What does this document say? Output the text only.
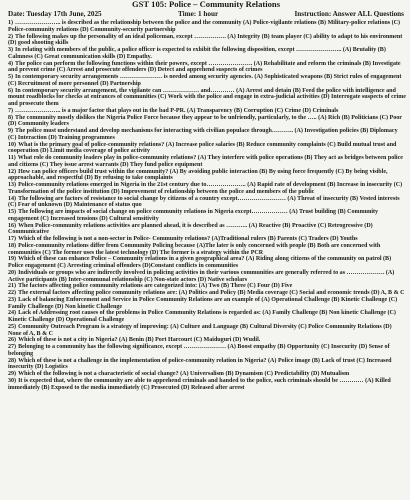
GST 105: Police – Community Relations
Date: Tuesday 17th June, 2025	Time: 1 hour	Instruction: Answer ALL Questions

1) ………………….. is described as the relationship between the police and the community (A) Police-vigilante relations (B) Military-police relations (C) Police-community relations (D) Community-security partnership

2) The following makes up the personality of an ideal policeman, except ……………. (A) Integrity (B) team player (C) ability to adapt to his environment (D) good shooting skills

3) In relating with members of the public, a police officer is expected to exhibit the following disposition, except ………………….. (A) Brutality (B) Calmness (C) Great communication skills (D) Empathy.

4) The police can perform the following functions within their powers, except …………………. (A) Rehabilitate and reform the criminals (B) Investigate and prevent crime (C) Arrest and prosecute offenders (D) Detect and apprehend suspects of crimes

5) In contemporary security arrangements ………………… is needed among security agencies. (A) Sophisticated weapons (B) Strict rules of engagement (C) Recruitment of more personnel (D) Partnership

6) In contemporary security arrangement, the vigilante can ……………… and………… (A) Arrest and detain (B) Feed the police with intelligence and mount roadblocks for checks at entrances of communities (C) Work with the police and engage in extra-judicial activities (D) Interrogate suspects of crime and prosecute them

7) ………………….. is a major factor that plays out in the bad P-PR. (A) Transparency (B) Corruption (C) Crime (D) Criminals

8) The community mostly dislikes the Nigeria Police Force because they appear to be unfriendly, particularly, to the ….. (A) Rich (B) Politicians (C) Poor (D) Community leaders

9) The police must understand and develop mechanisms for interacting with civilian populace through……….. (A) Investigation policies (B) Diplomacy (C) Interaction (D) Training programmes

10) What is the primary goal of police-community relations? (A) Increase police salaries (B) Reduce community complaints (C) Build mutual trust and cooperation (D) Limit media coverage of police activity

11) What role do community leaders play in police-community relations? (A) They interfere with police operations (B) They act as bridges between police and citizens (C) They issue arrest warrants (D) They fund police equipment

12) How can police officers build trust within the community? (A) By avoiding public interaction (B) By using force frequently (C) By being visible, approachable, and respectful (D) By refusing to take complaints

13) Police-community relations emerged in Nigeria in the 21st century due to……………….. (A) Rapid rate of development (B) Increase in insecurity (C) Transformation of the police institution (D) Improvement of relationship between the police and members of the public

14) The following are factors of resistance to social change by citizens of a country except…………………… (A) Threat of insecurity (B) Vested interests (C) Fear of unknown (D) Maintenance of status quo

15) The following are impacts of social change on police community relations in Nigeria except……………… (A) Trust building (B) Community engagement (C) Increased tensions (D) Cultural sensitivity

16) When Police-community relations activities are planned ahead, it is described as ……….. (A) Reactive (B) Proactive (C) Retrogressive (D) Communicative

17) Which of the following is not a non-sector in Police- Community relations? (A)Traditional rulers (B) Parents (C) Traders (D) Youths

18) Police-community relations differ from Community Policing because (A)The later is only concerned with people (B) Both are concerned with communities (C) The former uses the latest technology (D) The former is a strategy within the PCR

19) Which of these can enhance Police – Community relations in a given geographical area? (A) Riding along citizens of the community on patrol (B) Police engagement (C) Arresting criminal offenders (D)Constant conflicts in communities

20) Individuals or groups who are indirectly involved in policing activities in their various communities are generally referred to as ………………. (A) Active participants (B) Inter-communal relationship (C) Non-state actors (D) Native scholars

21) The factors affecting police community relations are categorized into: (A) Two (B) Three (C) Four (D) Five

22) The external factors affecting police community relations are: (A) Politics and Policy (B) Media coverage (C) Social and economic trends (D) A, B & C

23) Lack of balancing Enforcement and Service in Police Community Relations are an example of (A) Operational Challenge (B) Kinetic Challenge (C) Family Challenge (D) Non kinetic Challenge

24) Lack of Addressing root causes of the problems in Police Community Relations is regarded as: (A) Family Challenge (B) Non kinetic Challenge (C) Kinetic Challenge (D) Operational Challenge

25) Community Outreach Program is a strategy of improving: (A) Culture and Language (B) Cultural Diversity (C) Police Community Relations (D) None of A, B & C

26) Which of these is not a city in Nigeria? (A) Benin (B) Port Harcourt (C) Maiduguri (D) Wudil.

27) Belonging to a community has the following significance, except ………………… (A) Boost empathy (B) Opportunity (C) Insecurity (D) Sense of belonging

28) Which of these is not a challenge in the implementation of police-community relation in Nigeria? (A) Police image (B) Lack of trust (C) Increased insecurity (D) Logistics

29) Which of the following is not a characteristic of social change? (A) Universalism (B) Dynamism (C) Predictability (D) Mutualism

30) It is expected that, where the community are able to apprehend criminals and handed to the police, such criminals should be ………… (A) Killed immediately (B) Exposed to the media immediately (C) Prosecuted (D) Released after arrest
